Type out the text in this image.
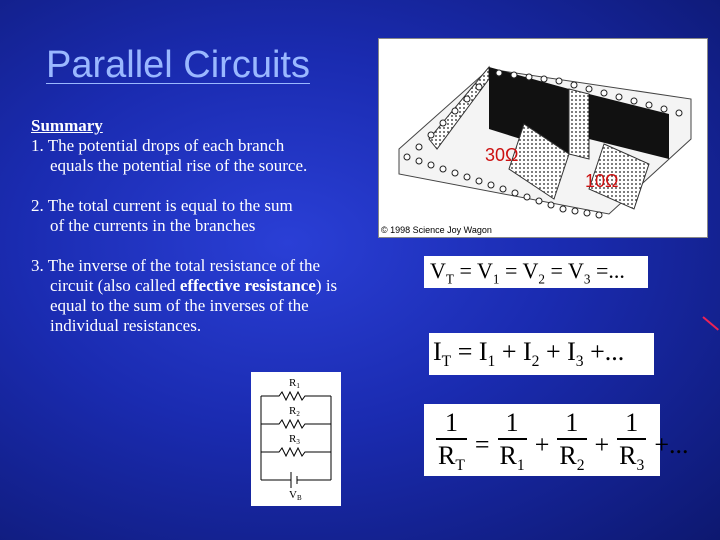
Parallel Circuits
Summary
1. The potential drops of each branch
equals the potential rise of the source.
2. The total current is equal to the sum
of the currents in the branches
3. The inverse of the total resistance of the
circuit (also called effective resistance) is
equal to the sum of the inverses of the
individual resistances.
30Ω
10Ω
© 1998 Science Joy Wagon
$V_T = V_1 = V_2 = V_3$ =...
$I_T = I_1 + I_2 + I_3$ +...
$\frac{1}{R_T} = \frac{1}{R_1} + \frac{1}{R_2} + \frac{1}{R_3}$ +...
R1
R2
R3
VB
